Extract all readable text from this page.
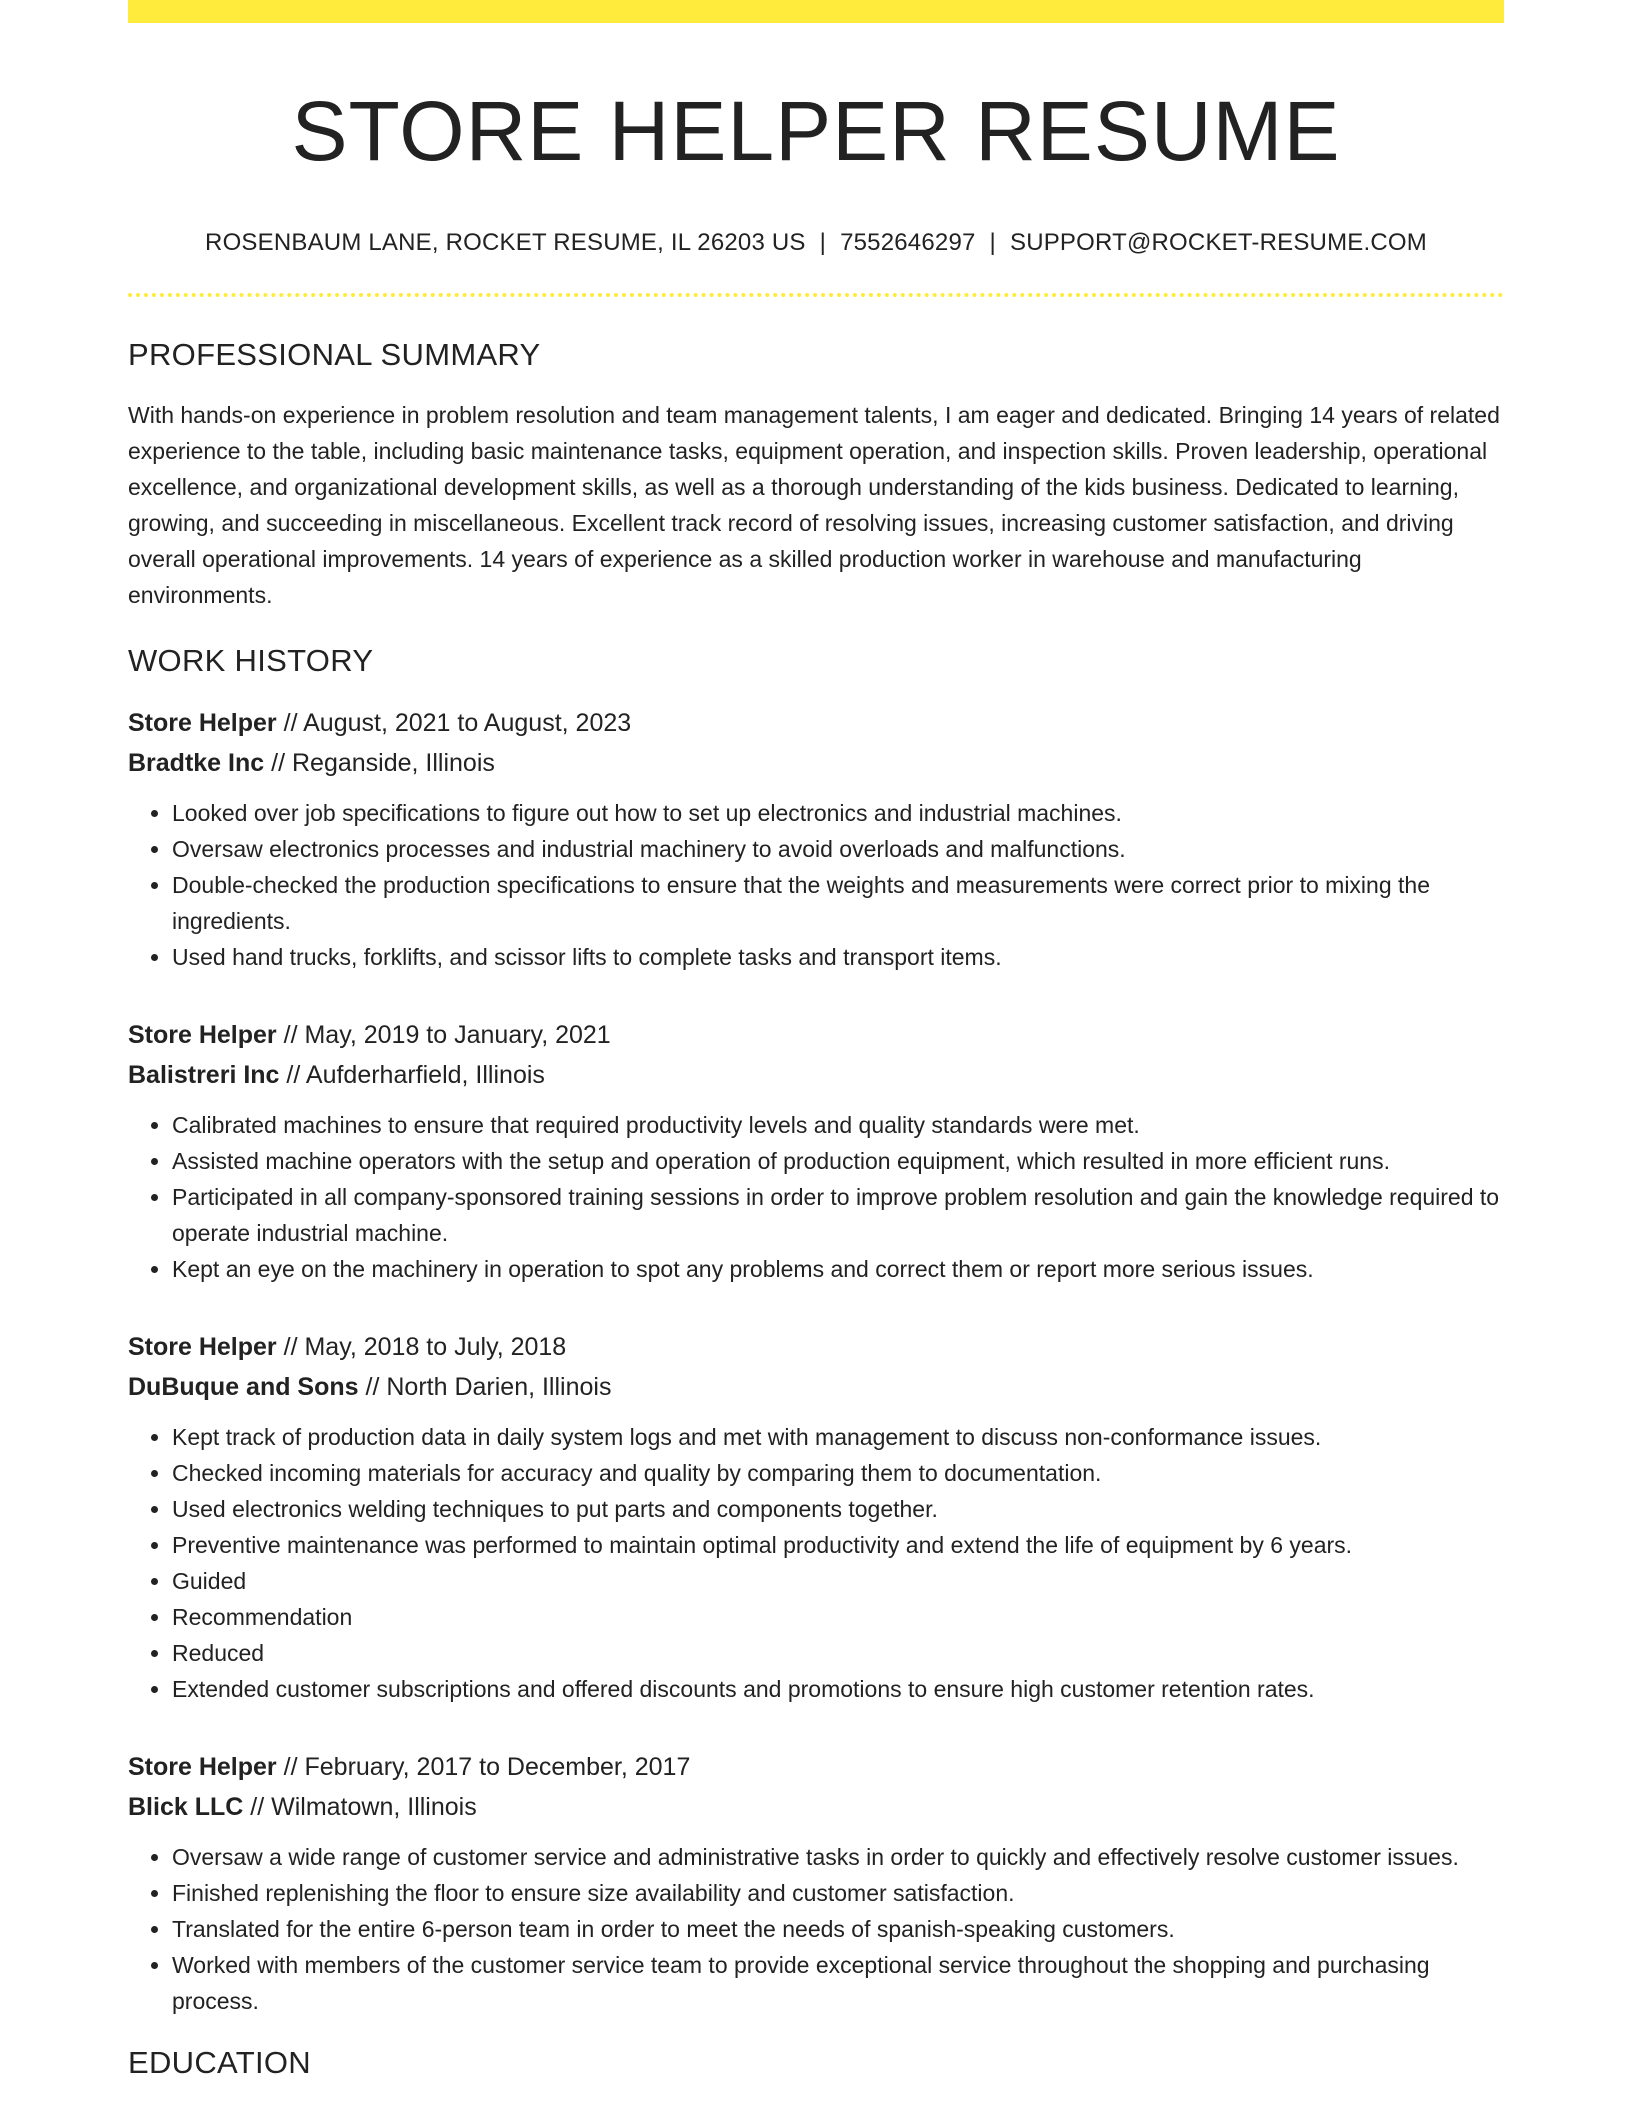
STORE HELPER RESUME
ROSENBAUM LANE, ROCKET RESUME, IL 26203 US | 7552646297 | SUPPORT@ROCKET-RESUME.COM
PROFESSIONAL SUMMARY

With hands-on experience in problem resolution and team management talents, I am eager and dedicated. Bringing 14 years of related experience to the table, including basic maintenance tasks, equipment operation, and inspection skills. Proven leadership, operational excellence, and organizational development skills, as well as a thorough understanding of the kids business. Dedicated to learning, growing, and succeeding in miscellaneous. Excellent track record of resolving issues, increasing customer satisfaction, and driving overall operational improvements. 14 years of experience as a skilled production worker in warehouse and manufacturing environments.

WORK HISTORY
Store Helper // August, 2021 to August, 2023
Bradtke Inc // Reganside, Illinois
• Looked over job specifications to figure out how to set up electronics and industrial machines.
• Oversaw electronics processes and industrial machinery to avoid overloads and malfunctions.
• Double-checked the production specifications to ensure that the weights and measurements were correct prior to mixing the ingredients.
• Used hand trucks, forklifts, and scissor lifts to complete tasks and transport items.
Store Helper // May, 2019 to January, 2021
Balistreri Inc // Aufderharfield, Illinois
• Calibrated machines to ensure that required productivity levels and quality standards were met.
• Assisted machine operators with the setup and operation of production equipment, which resulted in more efficient runs.
• Participated in all company-sponsored training sessions in order to improve problem resolution and gain the knowledge required to operate industrial machine.
• Kept an eye on the machinery in operation to spot any problems and correct them or report more serious issues.
Store Helper // May, 2018 to July, 2018
DuBuque and Sons // North Darien, Illinois
• Kept track of production data in daily system logs and met with management to discuss non-conformance issues.
• Checked incoming materials for accuracy and quality by comparing them to documentation.
• Used electronics welding techniques to put parts and components together.
• Preventive maintenance was performed to maintain optimal productivity and extend the life of equipment by 6 years.
• Guided
• Recommendation
• Reduced
• Extended customer subscriptions and offered discounts and promotions to ensure high customer retention rates.
Store Helper // February, 2017 to December, 2017
Blick LLC // Wilmatown, Illinois
• Oversaw a wide range of customer service and administrative tasks in order to quickly and effectively resolve customer issues.
• Finished replenishing the floor to ensure size availability and customer satisfaction.
• Translated for the entire 6-person team in order to meet the needs of spanish-speaking customers.
• Worked with members of the customer service team to provide exceptional service throughout the shopping and purchasing process.
EDUCATION
